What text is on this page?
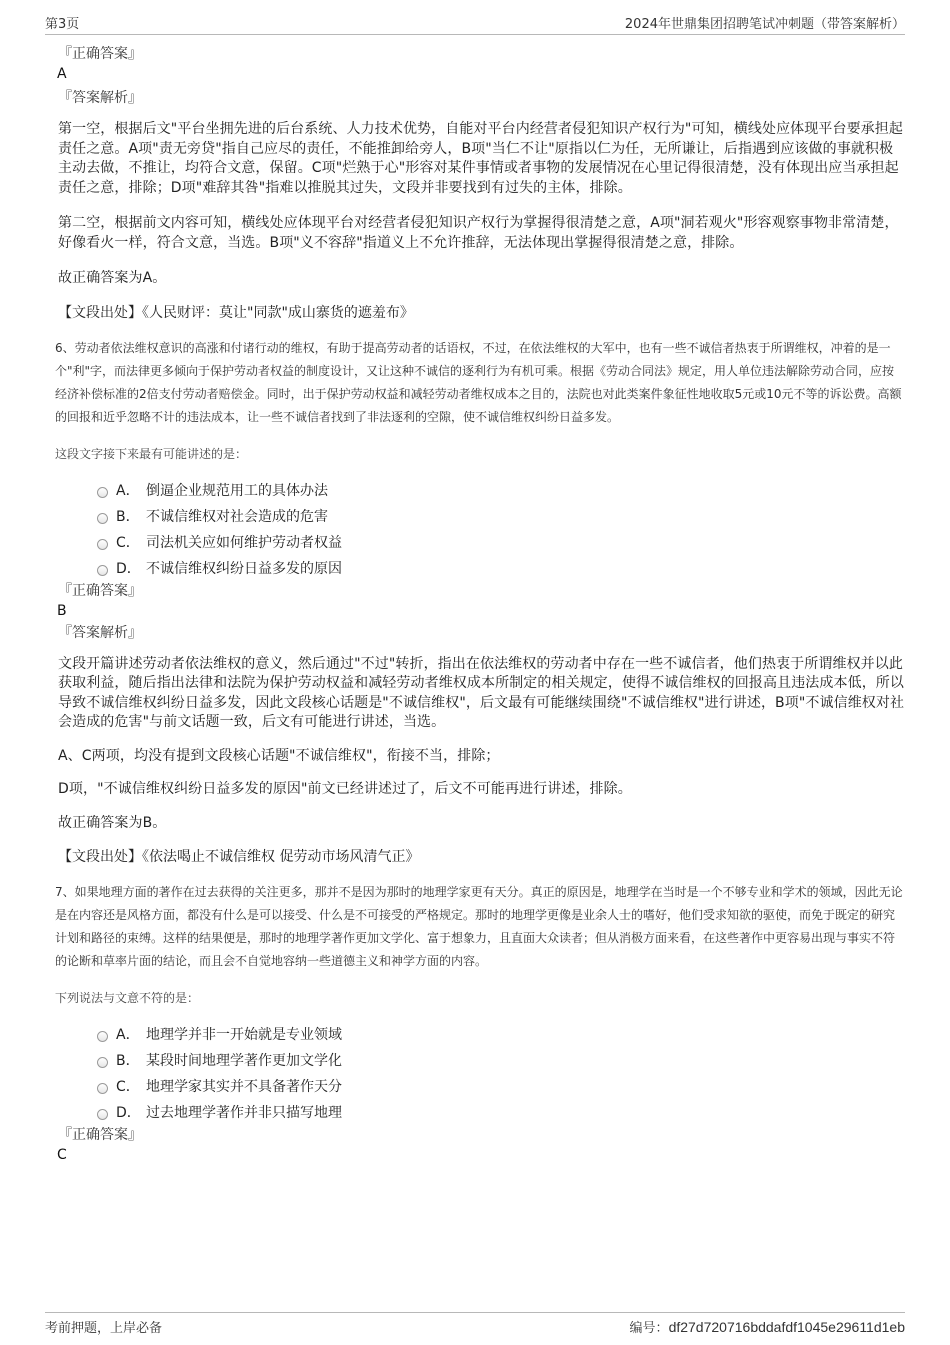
第3页	2024年世鼎集团招聘笔试冲刺题（带答案解析）
『正确答案』
A
『答案解析』

第一空，根据后文"平台坐拥先进的后台系统、人力技术优势，自能对平台内经营者侵犯知识产权行为"可知，横线处应体现平台要承担起责任之意。A项"责无旁贷"指自己应尽的责任，不能推卸给旁人，B项"当仁不让"原指以仁为任，无所谦让，后指遇到应该做的事就积极主动去做，不推让，均符合文意，保留。C项"烂熟于心"形容对某件事情或者事物的发展情况在心里记得很清楚，没有体现出应当承担起责任之意，排除；D项"难辞其咎"指难以推脱其过失，文段并非要找到有过失的主体，排除。

第二空，根据前文内容可知，横线处应体现平台对经营者侵犯知识产权行为掌握得很清楚之意，A项"洞若观火"形容观察事物非常清楚，好像看火一样，符合文意，当选。B项"义不容辞"指道义上不允许推辞，无法体现出掌握得很清楚之意，排除。

故正确答案为A。

【文段出处】《人民财评：莫让"同款"成山寨货的遮羞布》

6、劳动者依法维权意识的高涨和付诸行动的维权，有助于提高劳动者的话语权，不过，在依法维权的大军中，也有一些不诚信者热衷于所谓维权，冲着的是一个"利"字，而法律更多倾向于保护劳动者权益的制度设计，又让这种不诚信的逐利行为有机可乘。根据《劳动合同法》规定，用人单位违法解除劳动合同，应按经济补偿标准的2倍支付劳动者赔偿金。同时，出于保护劳动权益和减轻劳动者维权成本之目的，法院也对此类案件象征性地收取5元或10元不等的诉讼费。高额的回报和近乎忽略不计的违法成本，让一些不诚信者找到了非法逐利的空隙，使不诚信维权纠纷日益多发。

这段文字接下来最有可能讲述的是：

A． 倒逼企业规范用工的具体办法
B． 不诚信维权对社会造成的危害
C． 司法机关应如何维护劳动者权益
D． 不诚信维权纠纷日益多发的原因
『正确答案』
B
『答案解析』

文段开篇讲述劳动者依法维权的意义，然后通过"不过"转折，指出在依法维权的劳动者中存在一些不诚信者，他们热衷于所谓维权并以此获取利益，随后指出法律和法院为保护劳动权益和减轻劳动者维权成本所制定的相关规定，使得不诚信维权的回报高且违法成本低，所以导致不诚信维权纠纷日益多发，因此文段核心话题是"不诚信维权"，后文最有可能继续围绕"不诚信维权"进行讲述，B项"不诚信维权对社会造成的危害"与前文话题一致，后文有可能进行讲述，当选。

A、C两项，均没有提到文段核心话题"不诚信维权"，衔接不当，排除；

D项，"不诚信维权纠纷日益多发的原因"前文已经讲述过了，后文不可能再进行讲述，排除。

故正确答案为B。

【文段出处】《依法喝止不诚信维权 促劳动市场风清气正》

7、如果地理方面的著作在过去获得的关注更多，那并不是因为那时的地理学家更有天分。真正的原因是，地理学在当时是一个不够专业和学术的领域，因此无论是在内容还是风格方面，都没有什么是可以接受、什么是不可接受的严格规定。那时的地理学更像是业余人士的嗜好，他们受求知欲的驱使，而免于既定的研究计划和路径的束缚。这样的结果便是，那时的地理学著作更加文学化、富于想象力，且直面大众读者；但从消极方面来看，在这些著作中更容易出现与事实不符的论断和草率片面的结论，而且会不自觉地容纳一些道德主义和神学方面的内容。

下列说法与文意不符的是：

A． 地理学并非一开始就是专业领域
B． 某段时间地理学著作更加文学化
C． 地理学家其实并不具备著作天分
D． 过去地理学著作并非只描写地理
『正确答案』
C
考前押题，上岸必备	编号：df27d720716bddafdf1045e29611d1eb
